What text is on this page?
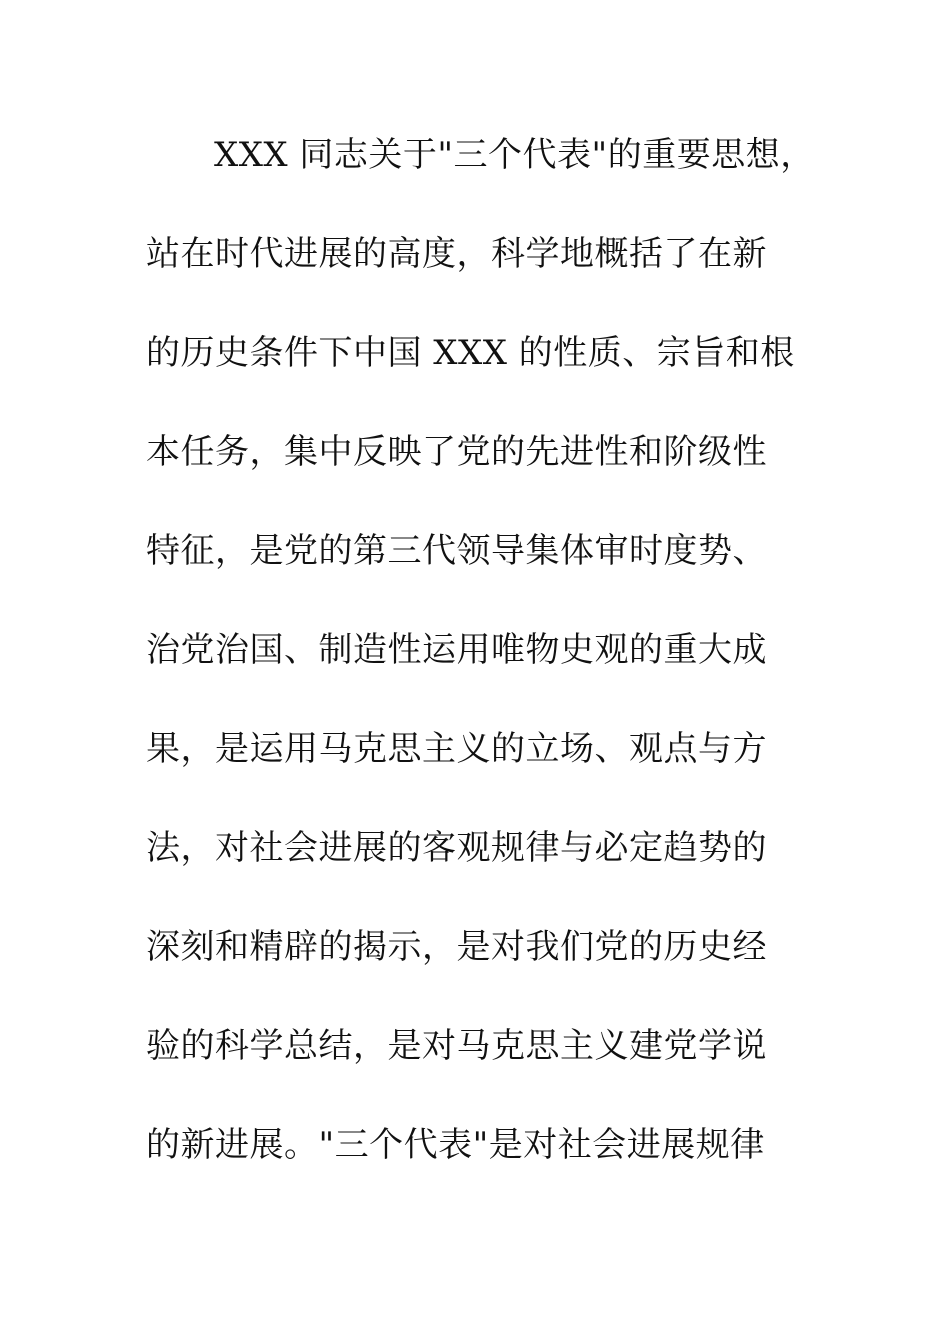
XXX 同志关于"三个代表"的重要思想，
站在时代进展的高度，科学地概括了在新
的历史条件下中国 XXX 的性质、宗旨和根
本任务，集中反映了党的先进性和阶级性
特征，是党的第三代领导集体审时度势、
治党治国、制造性运用唯物史观的重大成
果，是运用马克思主义的立场、观点与方
法，对社会进展的客观规律与必定趋势的
深刻和精辟的揭示，是对我们党的历史经
验的科学总结，是对马克思主义建党学说
的新进展。"三个代表"是对社会进展规律
